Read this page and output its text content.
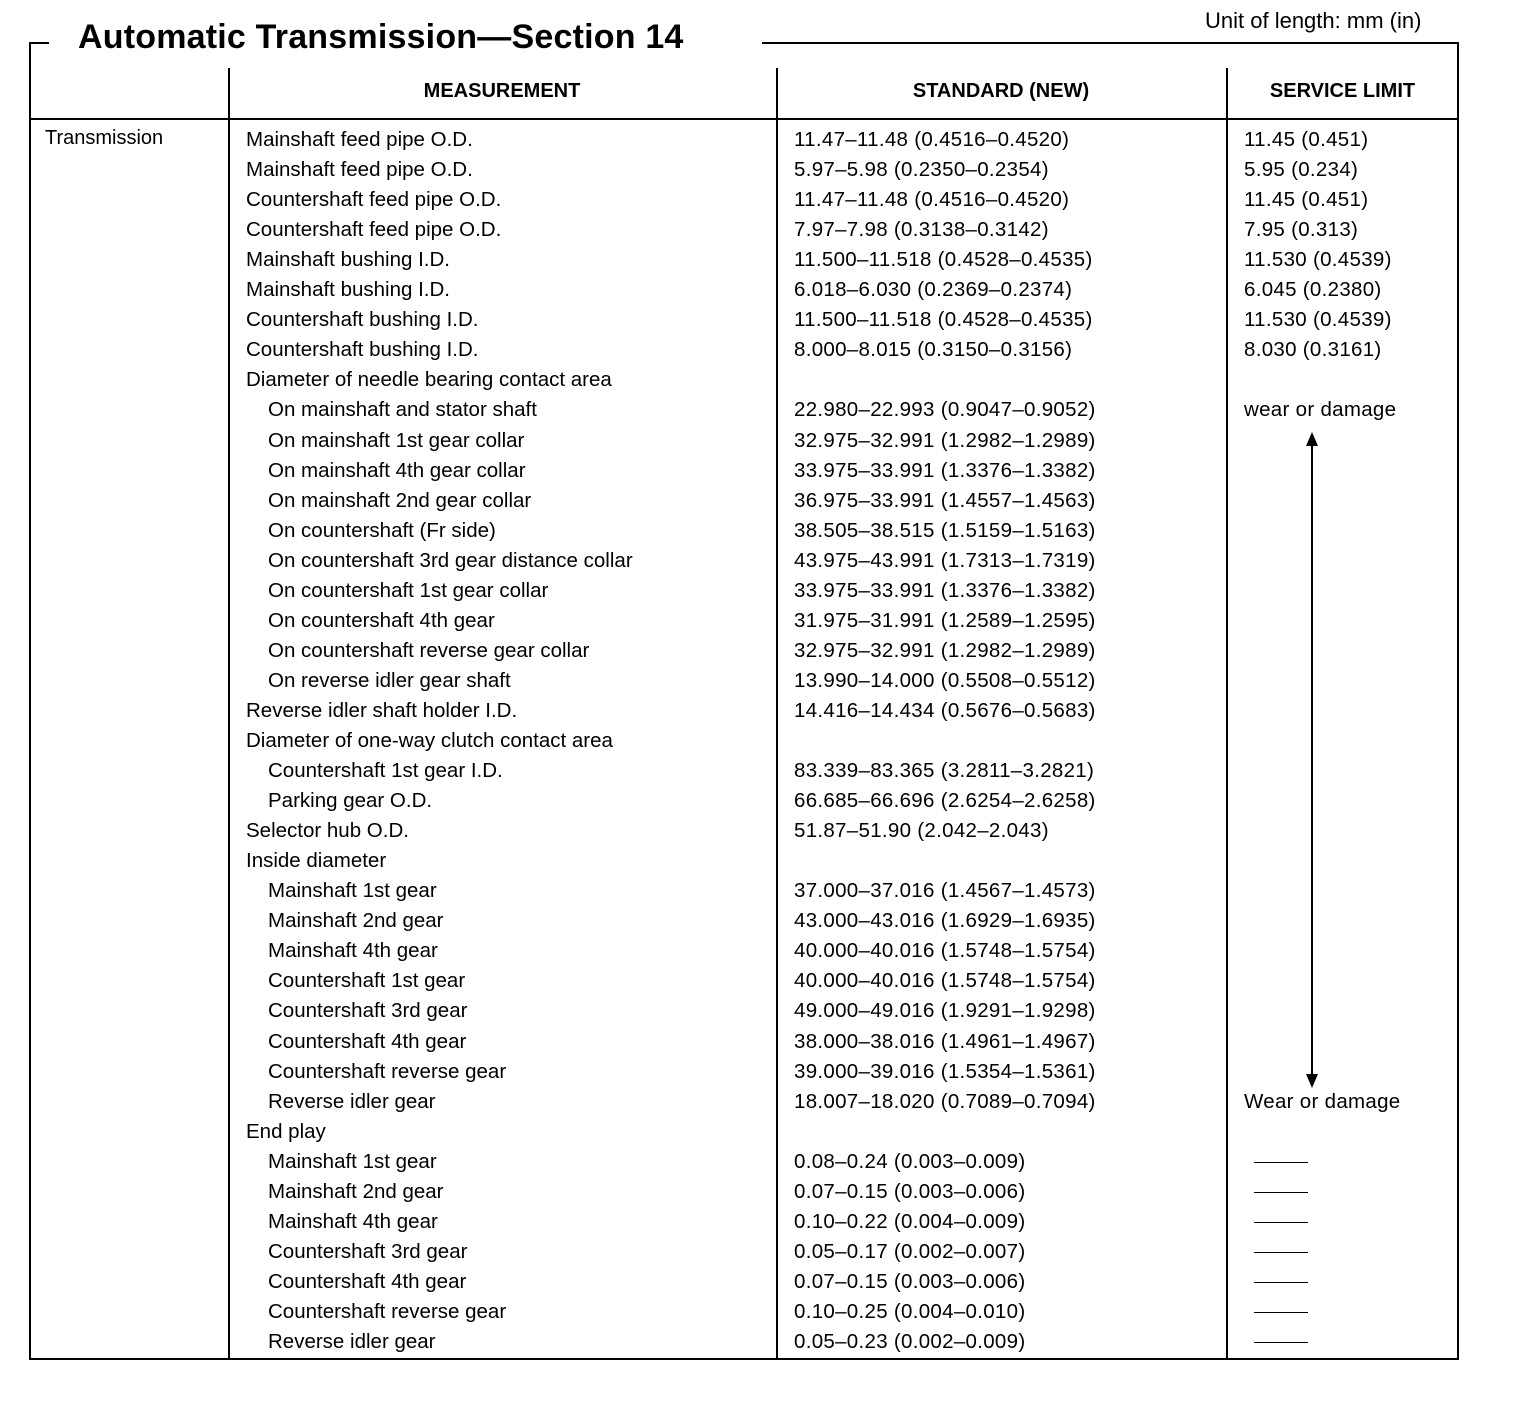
Unit of length: mm (in)
Automatic Transmission—Section 14
MEASUREMENT	STANDARD (NEW)	SERVICE LIMIT
Transmission	Mainshaft feed pipe O.D.	11.47–11.48 (0.4516–0.4520)	11.45 (0.451)
Mainshaft feed pipe O.D.	5.97–5.98 (0.2350–0.2354)	5.95 (0.234)
Countershaft feed pipe O.D.	11.47–11.48 (0.4516–0.4520)	11.45 (0.451)
Countershaft feed pipe O.D.	7.97–7.98 (0.3138–0.3142)	7.95 (0.313)
Mainshaft bushing I.D.	11.500–11.518 (0.4528–0.4535)	11.530 (0.4539)
Mainshaft bushing I.D.	6.018–6.030 (0.2369–0.2374)	6.045 (0.2380)
Countershaft bushing I.D.	11.500–11.518 (0.4528–0.4535)	11.530 (0.4539)
Countershaft bushing I.D.	8.000–8.015 (0.3150–0.3156)	8.030 (0.3161)
Diameter of needle bearing contact area
On mainshaft and stator shaft	22.980–22.993 (0.9047–0.9052)	wear or damage
On mainshaft 1st gear collar	32.975–32.991 (1.2982–1.2989)
On mainshaft 4th gear collar	33.975–33.991 (1.3376–1.3382)
On mainshaft 2nd gear collar	36.975–33.991 (1.4557–1.4563)
On countershaft (Fr side)	38.505–38.515 (1.5159–1.5163)
On countershaft 3rd gear distance collar	43.975–43.991 (1.7313–1.7319)
On countershaft 1st gear collar	33.975–33.991 (1.3376–1.3382)
On countershaft 4th gear	31.975–31.991 (1.2589–1.2595)
On countershaft reverse gear collar	32.975–32.991 (1.2982–1.2989)
On reverse idler gear shaft	13.990–14.000 (0.5508–0.5512)
Reverse idler shaft holder I.D.	14.416–14.434 (0.5676–0.5683)
Diameter of one-way clutch contact area
Countershaft 1st gear I.D.	83.339–83.365 (3.2811–3.2821)
Parking gear O.D.	66.685–66.696 (2.6254–2.6258)
Selector hub O.D.	51.87–51.90 (2.042–2.043)
Inside diameter
Mainshaft 1st gear	37.000–37.016 (1.4567–1.4573)
Mainshaft 2nd gear	43.000–43.016 (1.6929–1.6935)
Mainshaft 4th gear	40.000–40.016 (1.5748–1.5754)
Countershaft 1st gear	40.000–40.016 (1.5748–1.5754)
Countershaft 3rd gear	49.000–49.016 (1.9291–1.9298)
Countershaft 4th gear	38.000–38.016 (1.4961–1.4967)
Countershaft reverse gear	39.000–39.016 (1.5354–1.5361)
Reverse idler gear	18.007–18.020 (0.7089–0.7094)	Wear or damage
End play
Mainshaft 1st gear	0.08–0.24 (0.003–0.009)
Mainshaft 2nd gear	0.07–0.15 (0.003–0.006)
Mainshaft 4th gear	0.10–0.22 (0.004–0.009)
Countershaft 3rd gear	0.05–0.17 (0.002–0.007)
Countershaft 4th gear	0.07–0.15 (0.003–0.006)
Countershaft reverse gear	0.10–0.25 (0.004–0.010)
Reverse idler gear	0.05–0.23 (0.002–0.009)
